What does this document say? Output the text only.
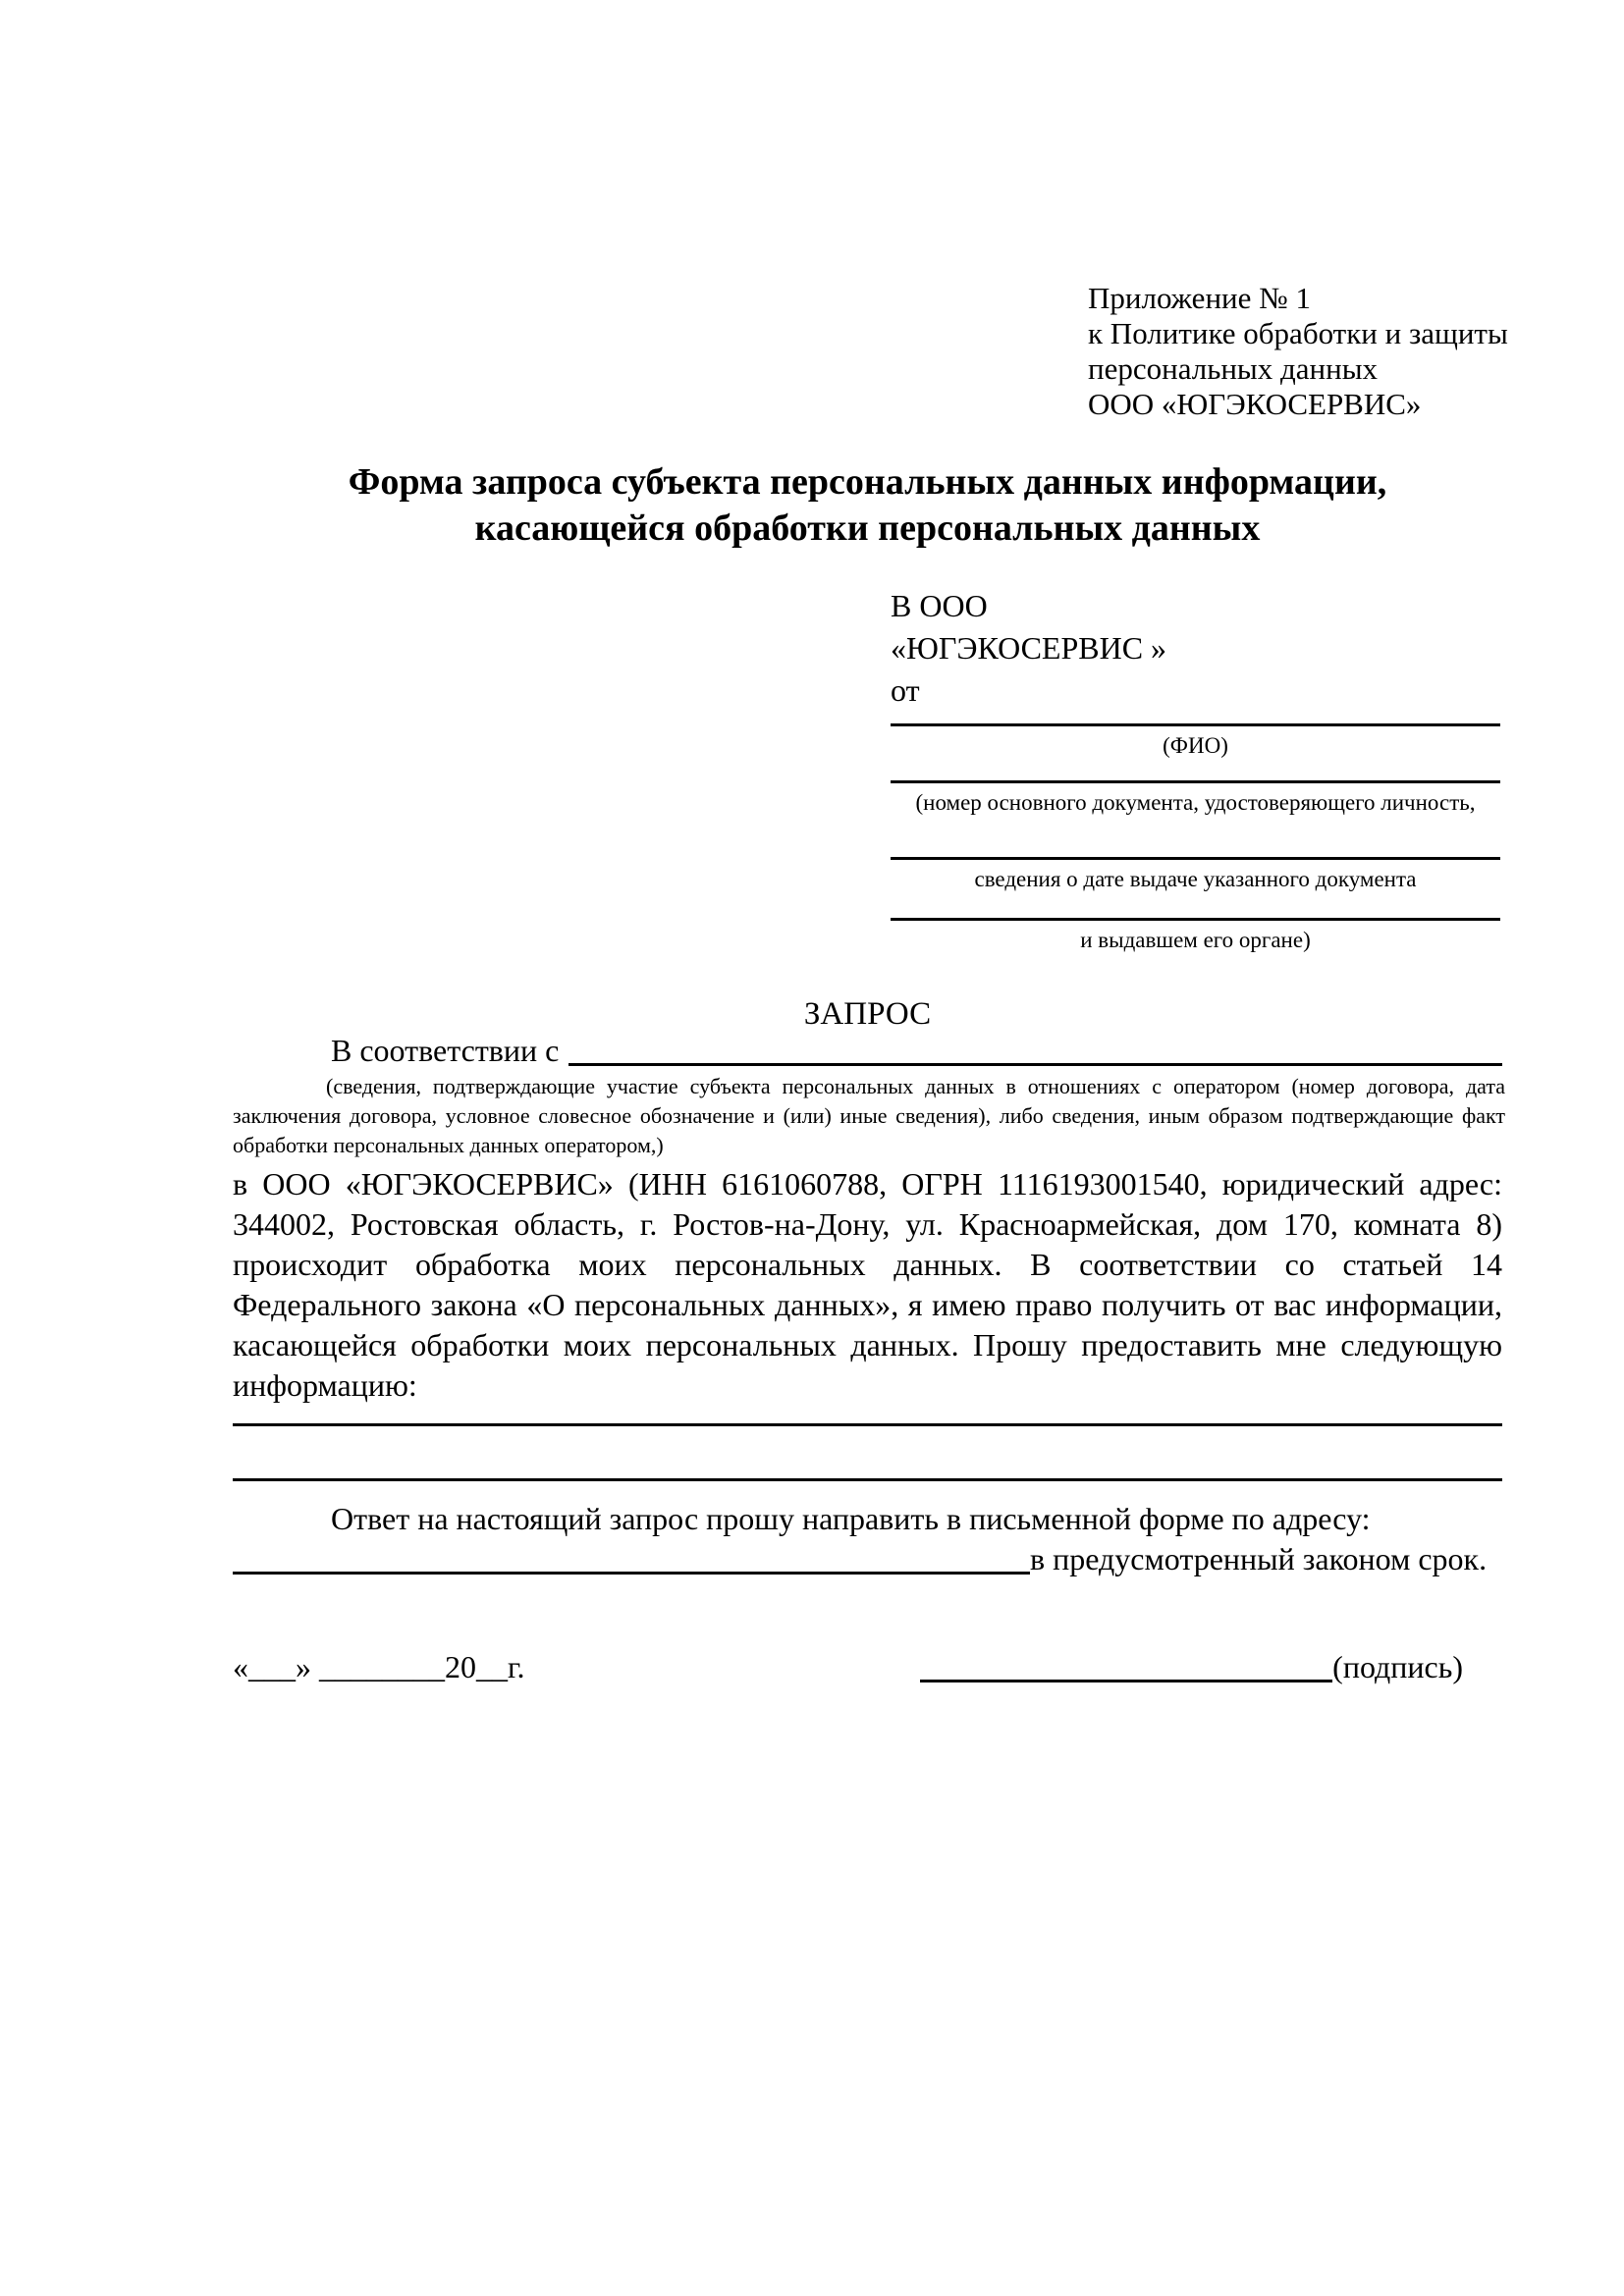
Приложение № 1
к Политике обработки и защиты
персональных данных
ООО «ЮГЭКОСЕРВИС»
Форма запроса субъекта персональных данных информации,
касающейся обработки персональных данных
В ООО
«ЮГЭКОСЕРВИС »
от
(ФИО)
(номер основного документа, удостоверяющего личность,
сведения о дате выдаче указанного документа
и выдавшем его органе)
ЗАПРОС
В соответствии с
(сведения, подтверждающие участие субъекта персональных данных в отношениях с оператором (номер договора, дата заключения договора, условное словесное обозначение и (или) иные сведения), либо сведения, иным образом подтверждающие факт обработки персональных данных оператором,)
в ООО «ЮГЭКОСЕРВИС» (ИНН 6161060788, ОГРН 1116193001540, юридический адрес: 344002, Ростовская область, г. Ростов-на-Дону, ул. Красноармейская, дом 170, комната 8) происходит обработка моих персональных данных. В соответствии со статьей 14 Федерального закона «О персональных данных», я имею право получить от вас информации, касающейся обработки моих персональных данных. Прошу предоставить мне следующую информацию:
Ответ на настоящий запрос прошу направить в письменной форме по адресу:
в предусмотренный законом срок.
«___» ________20__г.	(подпись)
